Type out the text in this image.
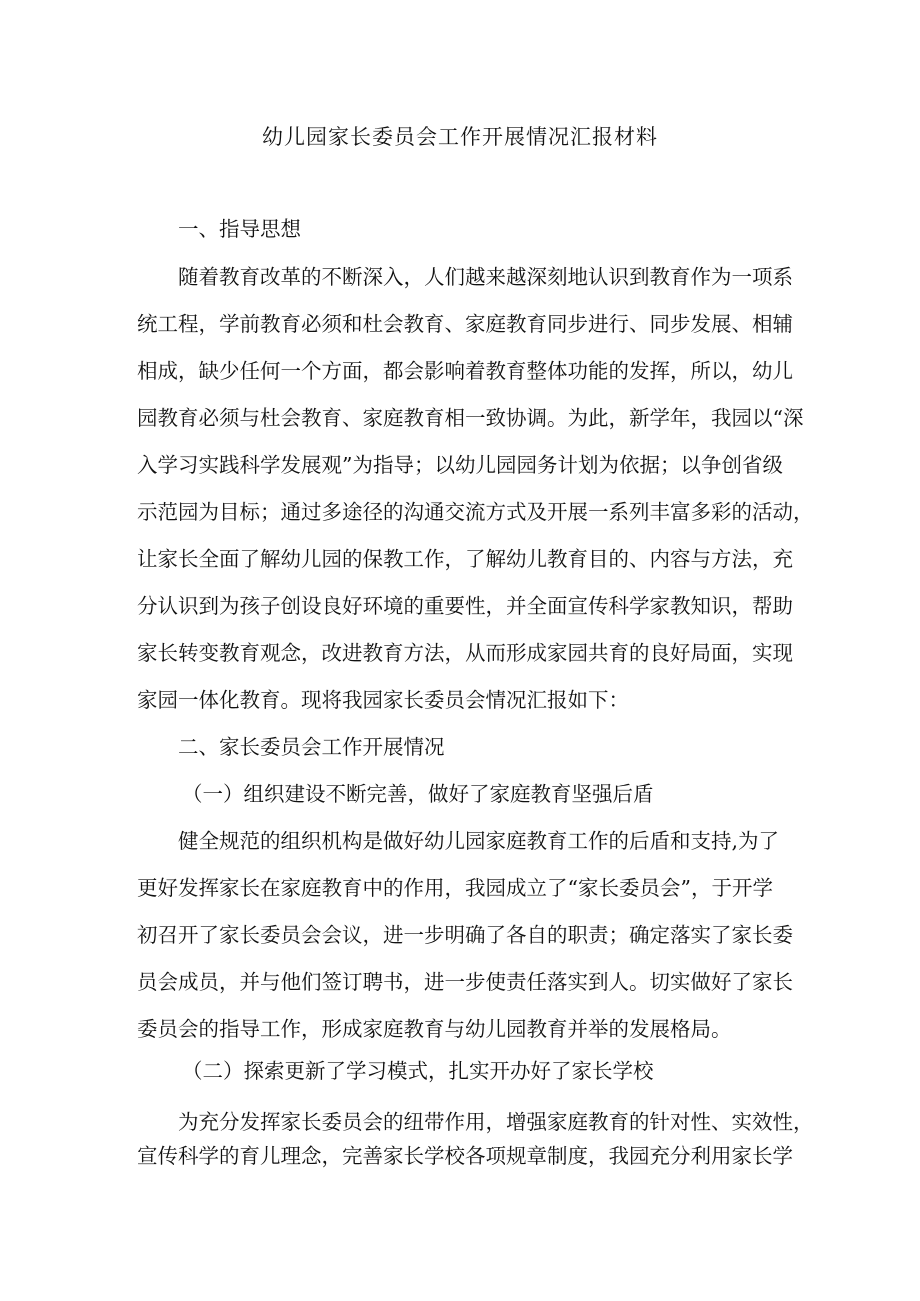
幼儿园家长委员会工作开展情况汇报材料
一、指导思想
随着教育改革的不断深入，人们越来越深刻地认识到教育作为一项系
统工程，学前教育必须和杜会教育、家庭教育同步进行、同步发展、相辅
相成，缺少任何一个方面，都会影响着教育整体功能的发挥，所以，幼儿
园教育必须与杜会教育、家庭教育相一致协调。为此，新学年，我园以“深
入学习实践科学发展观”为指导；以幼儿园园务计划为依据；以争创省级
示范园为目标；通过多途径的沟通交流方式及开展一系列丰富多彩的活动，
让家长全面了解幼儿园的保教工作，了解幼儿教育目的、内容与方法，充
分认识到为孩子创设良好环境的重要性，并全面宣传科学家教知识，帮助
家长转变教育观念，改进教育方法，从而形成家园共育的良好局面，实现
家园一体化教育。现将我园家长委员会情况汇报如下：
二、家长委员会工作开展情况
（一）组织建设不断完善，做好了家庭教育坚强后盾
健全规范的组织机构是做好幼儿园家庭教育工作的后盾和支持,为了
更好发挥家长在家庭教育中的作用，我园成立了“家长委员会”，于开学
初召开了家长委员会会议，进一步明确了各自的职责；确定落实了家长委
员会成员，并与他们签订聘书，进一步使责任落实到人。切实做好了家长
委员会的指导工作，形成家庭教育与幼儿园教育并举的发展格局。
（二）探索更新了学习模式，扎实开办好了家长学校
为充分发挥家长委员会的纽带作用，增强家庭教育的针对性、实效性，
宣传科学的育儿理念，完善家长学校各项规章制度，我园充分利用家长学
